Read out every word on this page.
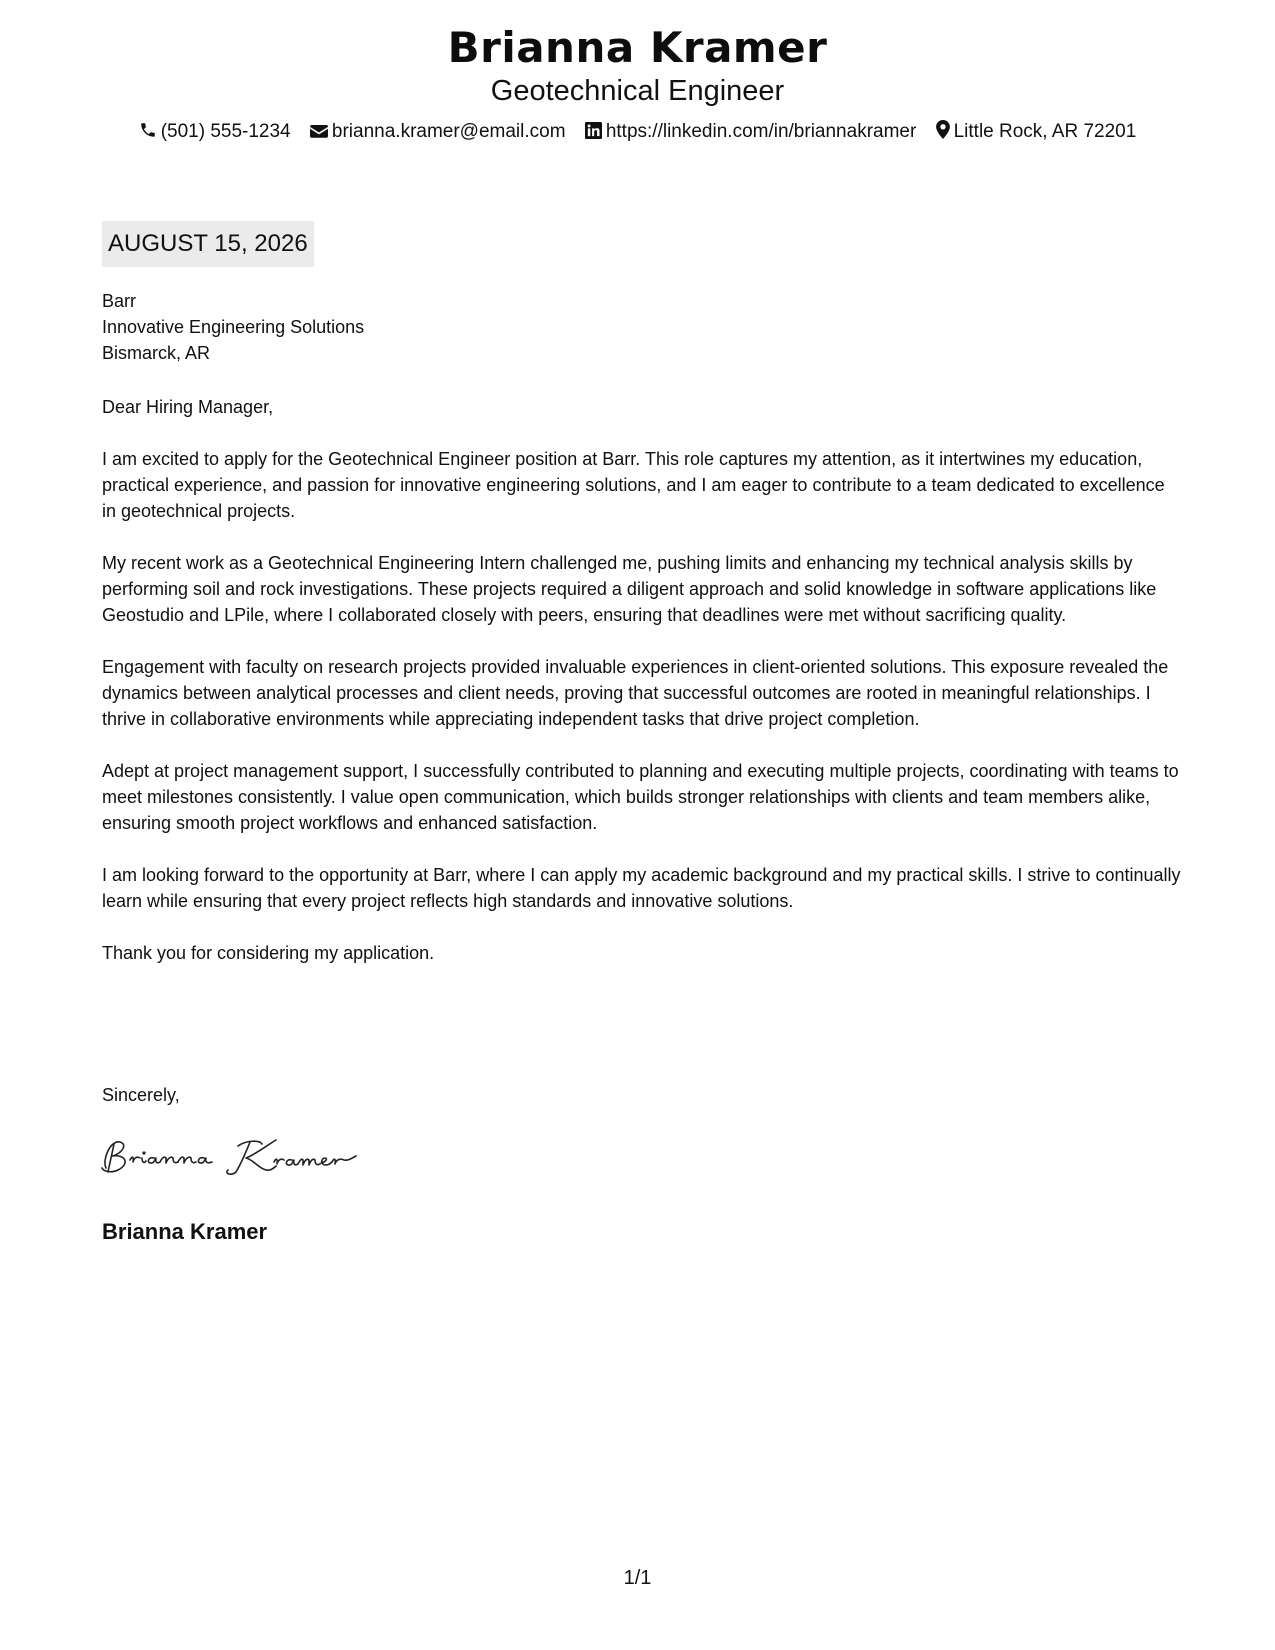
Brianna Kramer
Geotechnical Engineer
(501) 555-1234 brianna.kramer@email.com https://linkedin.com/in/briannakramer Little Rock, AR 72201
AUGUST 15, 2026
Barr
Innovative Engineering Solutions
Bismarck, AR

Dear Hiring Manager,

I am excited to apply for the Geotechnical Engineer position at Barr. This role captures my attention, as it intertwines my education, practical experience, and passion for innovative engineering solutions, and I am eager to contribute to a team dedicated to excellence in geotechnical projects.

My recent work as a Geotechnical Engineering Intern challenged me, pushing limits and enhancing my technical analysis skills by performing soil and rock investigations. These projects required a diligent approach and solid knowledge in software applications like Geostudio and LPile, where I collaborated closely with peers, ensuring that deadlines were met without sacrificing quality.

Engagement with faculty on research projects provided invaluable experiences in client-oriented solutions. This exposure revealed the dynamics between analytical processes and client needs, proving that successful outcomes are rooted in meaningful relationships. I thrive in collaborative environments while appreciating independent tasks that drive project completion.

Adept at project management support, I successfully contributed to planning and executing multiple projects, coordinating with teams to meet milestones consistently. I value open communication, which builds stronger relationships with clients and team members alike, ensuring smooth project workflows and enhanced satisfaction.

I am looking forward to the opportunity at Barr, where I can apply my academic background and my practical skills. I strive to continually learn while ensuring that every project reflects high standards and innovative solutions.

Thank you for considering my application.

Sincerely,
Brianna Kramer
1/1
